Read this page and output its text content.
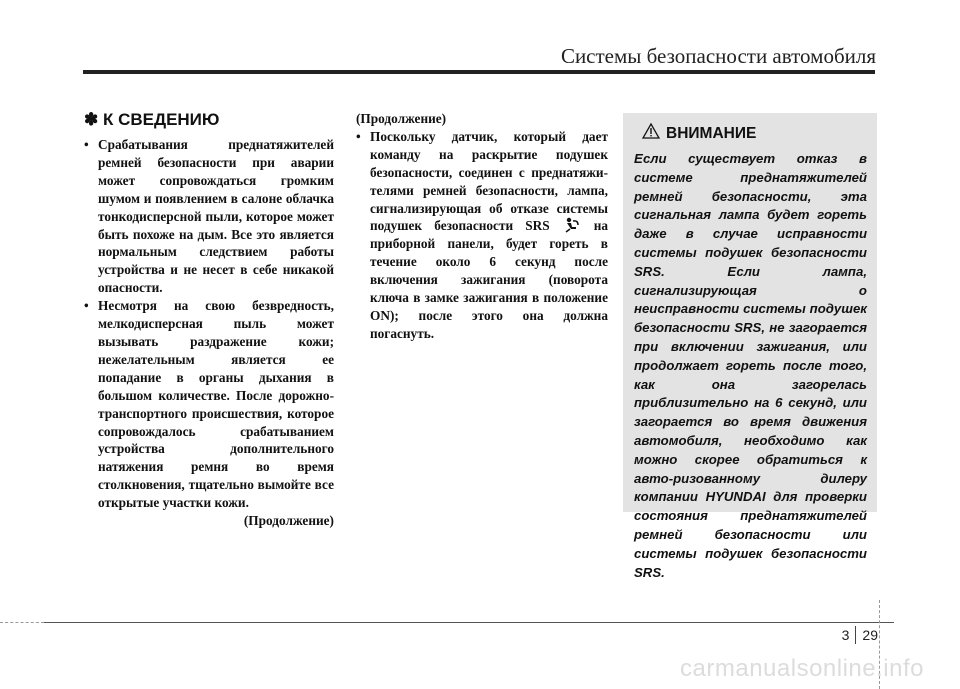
Системы безопасности автомобиля
✽ К СВЕДЕНИЮ

• Срабатывания преднатяжителей ремней безопасности при аварии может сопровождаться громким шумом и появлением в салоне облачка тонкодисперсной пыли, которое может быть похоже на дым. Все это является нормальным следствием работы устройства и не несет в себе никакой опасности.

• Несмотря на свою безвредность, мелкодисперсная пыль может вызывать раздражение кожи; нежелательным является ее попадание в органы дыхания в большом количестве. После дорожно-транспортного происшествия, которое сопровождалось срабатыванием устройства дополнительного натяжения ремня во время столкновения, тщательно вымойте все открытые участки кожи.

(Продолжение)

(Продолжение)

• Поскольку датчик, который дает команду на раскрытие подушек безопасности, соединен с преднатяжи-телями ремней безопасности, лампа, сигнализирующая об отказе системы подушек безопасности SRS	на приборной панели, будет гореть в течение около 6 секунд после включения зажигания (поворота ключа в замке зажигания в положение ON); после этого она должна погаснуть.

ВНИМАНИЕ

Если существует отказ в системе преднатяжителей ремней безопасности, эта сигнальная лампа будет гореть даже в случае исправности системы подушек безопасности SRS. Если лампа, сигнализирующая о неисправности системы подушек безопасности SRS, не загорается при включении зажигания, или продолжает гореть после того, как она загорелась приблизительно на 6 секунд, или загорается во время движения автомобиля, необходимо как можно скорее обратиться к авто-ризованному дилеру компании HYUNDAI для проверки состояния преднатяжителей ремней безопасности или системы подушек безопасности SRS.

3 29
carmanualsonline.info
